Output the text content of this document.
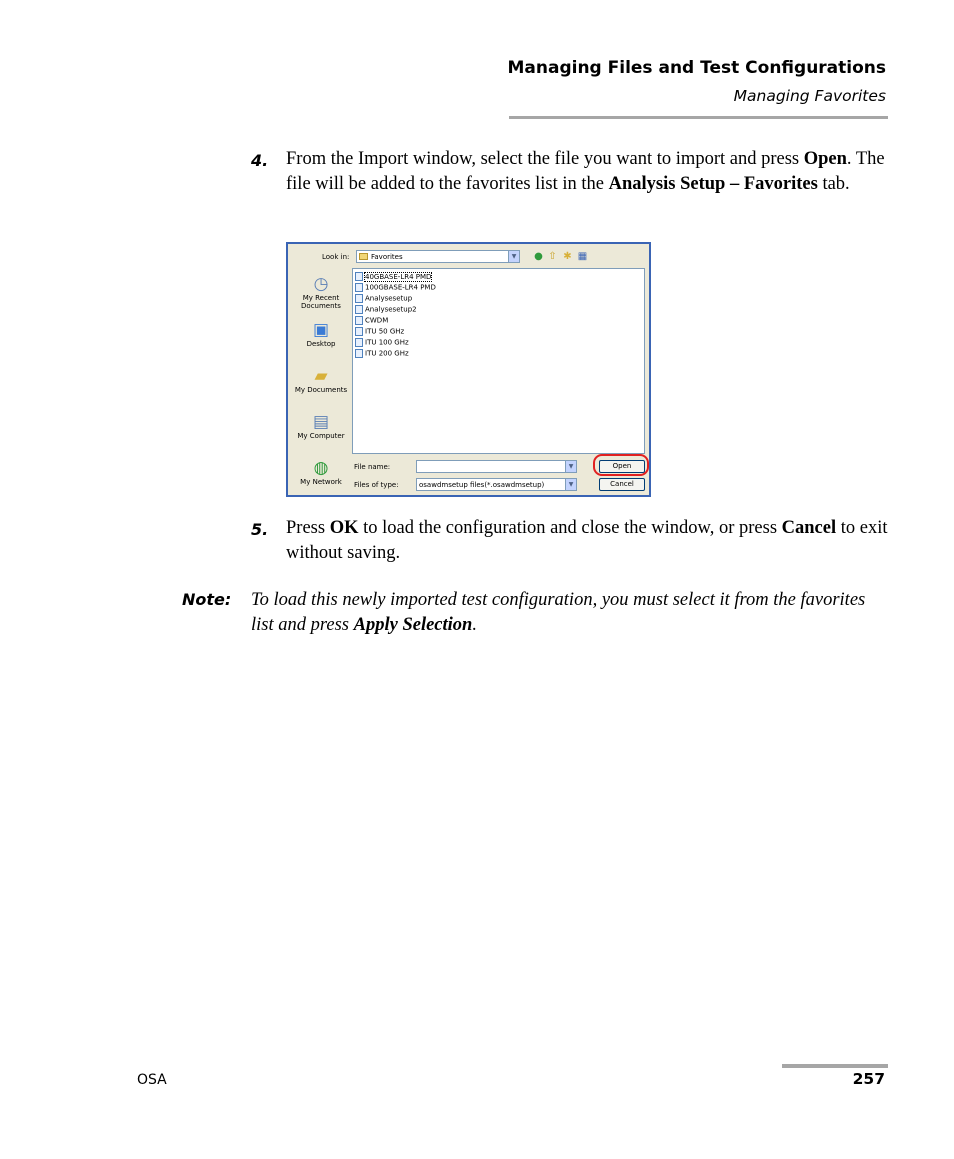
Managing Files and Test Configurations
Managing Favorites
4. From the Import window, select the file you want to import and press Open. The file will be added to the favorites list in the Analysis Setup – Favorites tab.
Look in:	Favorites	▼ ● ⇧ ✱ ▦
◷
My Recent
Documents
▣
Desktop
▰
My Documents
▤
My Computer
◍
My Network
40GBASE-LR4 PMD
100GBASE-LR4 PMD
Analysesetup
Analysesetup2
CWDM
ITU 50 GHz
ITU 100 GHz
ITU 200 GHz
File name:	▼
Files of type:	osawdmsetup files(*.osawdmsetup)	▼
Open
Cancel
5. Press OK to load the configuration and close the window, or press Cancel to exit without saving.
Note: To load this newly imported test configuration, you must select it from the favorites list and press Apply Selection.
OSA	257
